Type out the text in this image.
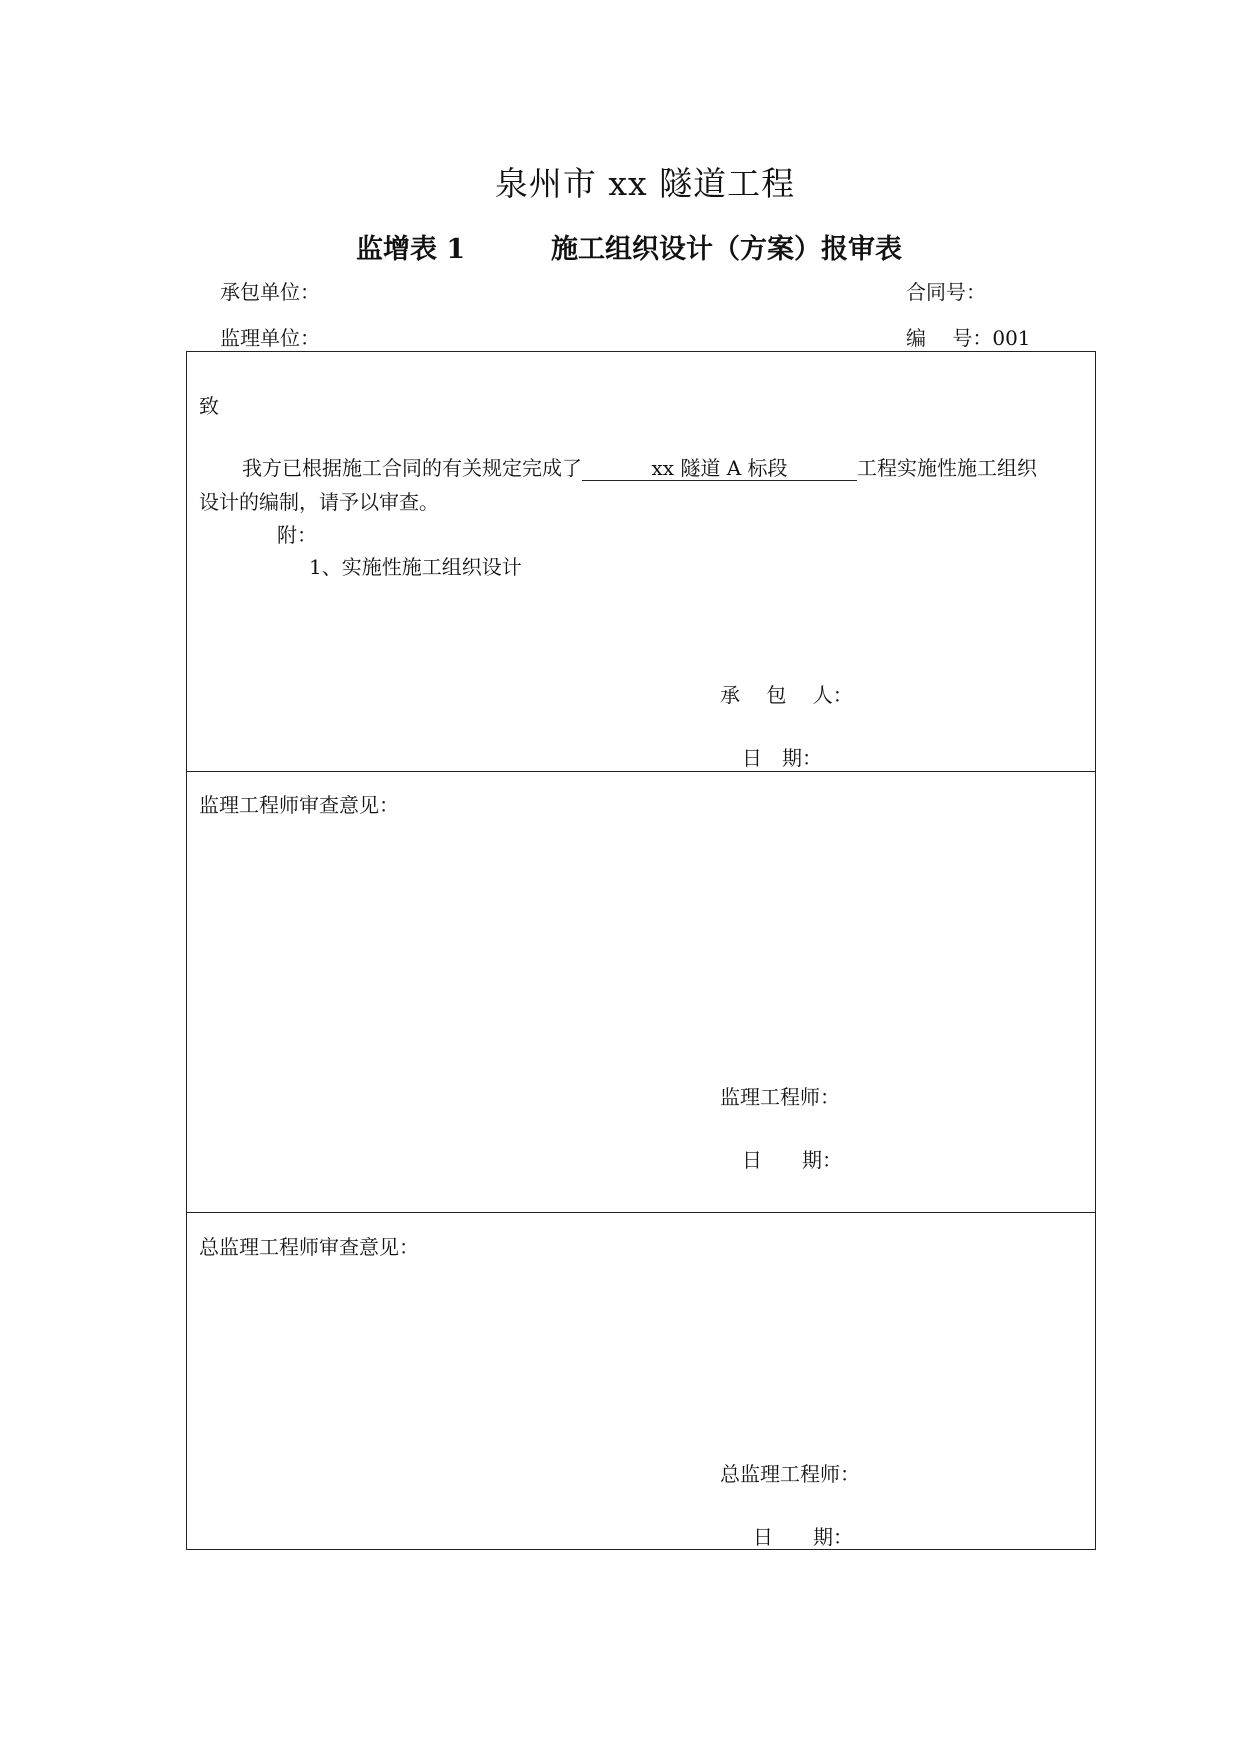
泉州市 xx 隧道工程
监增表 1	施工组织设计（方案）报审表
承包单位：	合同号：
监理单位：	编　 号：001
致
我方已根据施工合同的有关规定完成了	xx 隧道 A 标段	工程实施性施工组织
设计的编制，请予以审查。
附：
1、实施性施工组织设计
承　 包　 人：
日　期：
监理工程师审查意见：
监理工程师：
日　　期：
总监理工程师审查意见：
总监理工程师：
日　　期：
